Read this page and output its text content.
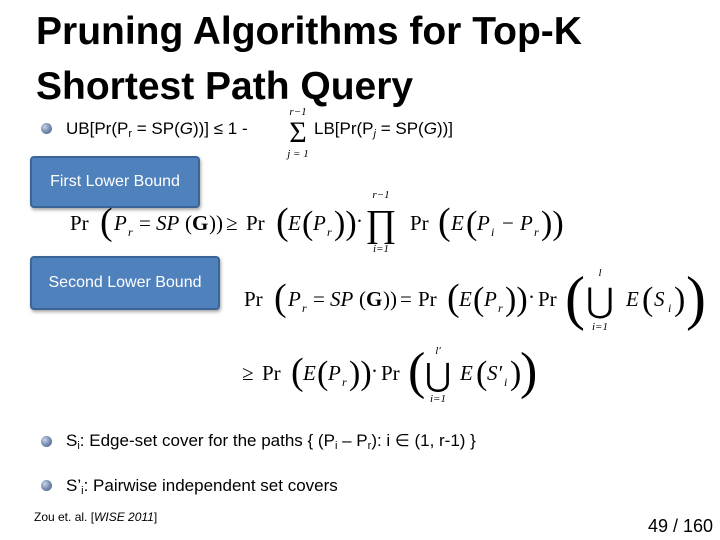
Pruning Algorithms for Top-K
Shortest Path Query
$UB[Pr(P_r = SP(G))] \le 1$ -
r−1
Σ
j = 1
$LB[Pr(P_j = SP(G))]$
First Lower Bound
Pr ( P r = SP ( G )) ≥ Pr ( E ( P r )) ·
r−1
∏
i=1
Pr ( E ( P i − P r ))
Second Lower Bound
Pr ( P r = SP ( G )) = Pr ( E ( P r )) · Pr ( l
⋃
i=1
E ( S i ) )
≥ Pr ( E ( P r )) · Pr ( l′
⋃
i=1
E ( S′ i )
)
$S_i$: Edge-set cover for the paths { $(P_i - P_r)$: i ∈ (1, r-1) }
$S’_i$: Pairwise independent set covers
Zou et. al. [WISE 2011]	49 / 160
